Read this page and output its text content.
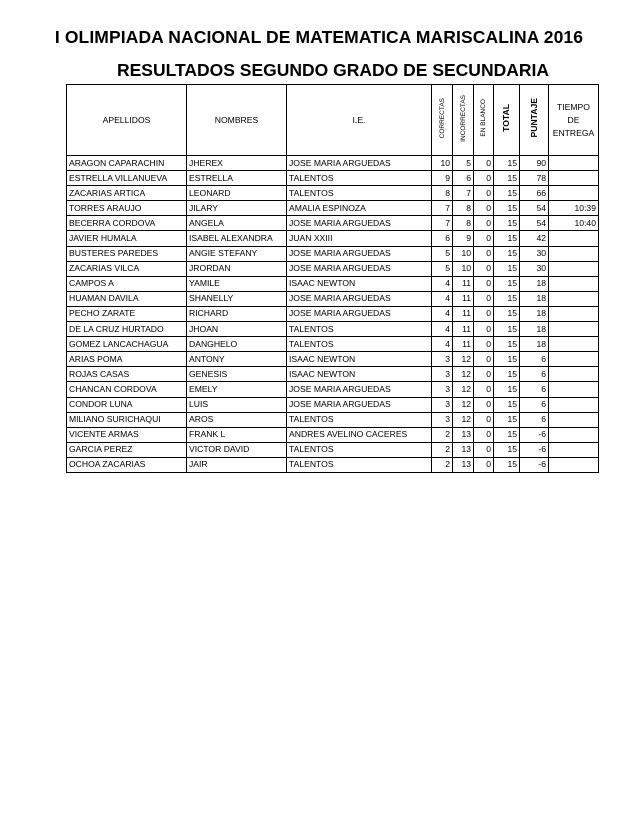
I OLIMPIADA NACIONAL DE MATEMATICA MARISCALINA 2016
RESULTADOS SEGUNDO GRADO DE SECUNDARIA
APELLIDOS	NOMBRES	I.E.	CORRECTAS	INCORRECTAS	EN BLANCO	TOTAL	PUNTAJE	TIEMPO
DE
ENTREGA

ARAGON CAPARACHIN	JHEREX	JOSE MARIA ARGUEDAS	10	5	0	15	90	
ESTRELLA VILLANUEVA	ESTRELLA	TALENTOS	9	6	0	15	78	
ZACARIAS ARTICA	LEONARD	TALENTOS	8	7	0	15	66	
TORRES ARAUJO	JILARY	AMALIA ESPINOZA	7	8	0	15	54	10:39
BECERRA CORDOVA	ANGELA	JOSE MARIA ARGUEDAS	7	8	0	15	54	10:40
JAVIER HUMALA	ISABEL ALEXANDRA	JUAN XXIII	6	9	0	15	42	
BUSTERES PAREDES	ANGIE STEFANY	JOSE MARIA ARGUEDAS	5	10	0	15	30	
ZACARIAS VILCA	JRORDAN	JOSE MARIA ARGUEDAS	5	10	0	15	30	
CAMPOS A	YAMILE	ISAAC NEWTON	4	11	0	15	18	
HUAMAN DAVILA	SHANELLY	JOSE MARIA ARGUEDAS	4	11	0	15	18	
PECHO ZARATE	RICHARD	JOSE MARIA ARGUEDAS	4	11	0	15	18	
DE LA CRUZ HURTADO	JHOAN	TALENTOS	4	11	0	15	18	
GOMEZ LANCACHAGUA	DANGHELO	TALENTOS	4	11	0	15	18	
ARIAS POMA	ANTONY	ISAAC NEWTON	3	12	0	15	6	
ROJAS CASAS	GENESIS	ISAAC NEWTON	3	12	0	15	6	
CHANCAN CORDOVA	EMELY	JOSE MARIA ARGUEDAS	3	12	0	15	6	
CONDOR LUNA	LUIS	JOSE MARIA ARGUEDAS	3	12	0	15	6	
MILIANO SURICHAQUI	AROS	TALENTOS	3	12	0	15	6	
VICENTE ARMAS	FRANK L	ANDRES AVELINO CACERES	2	13	0	15	-6	
GARCIA PEREZ	VICTOR DAVID	TALENTOS	2	13	0	15	-6	
OCHOA ZACARIAS	JAIR	TALENTOS	2	13	0	15	-6	
